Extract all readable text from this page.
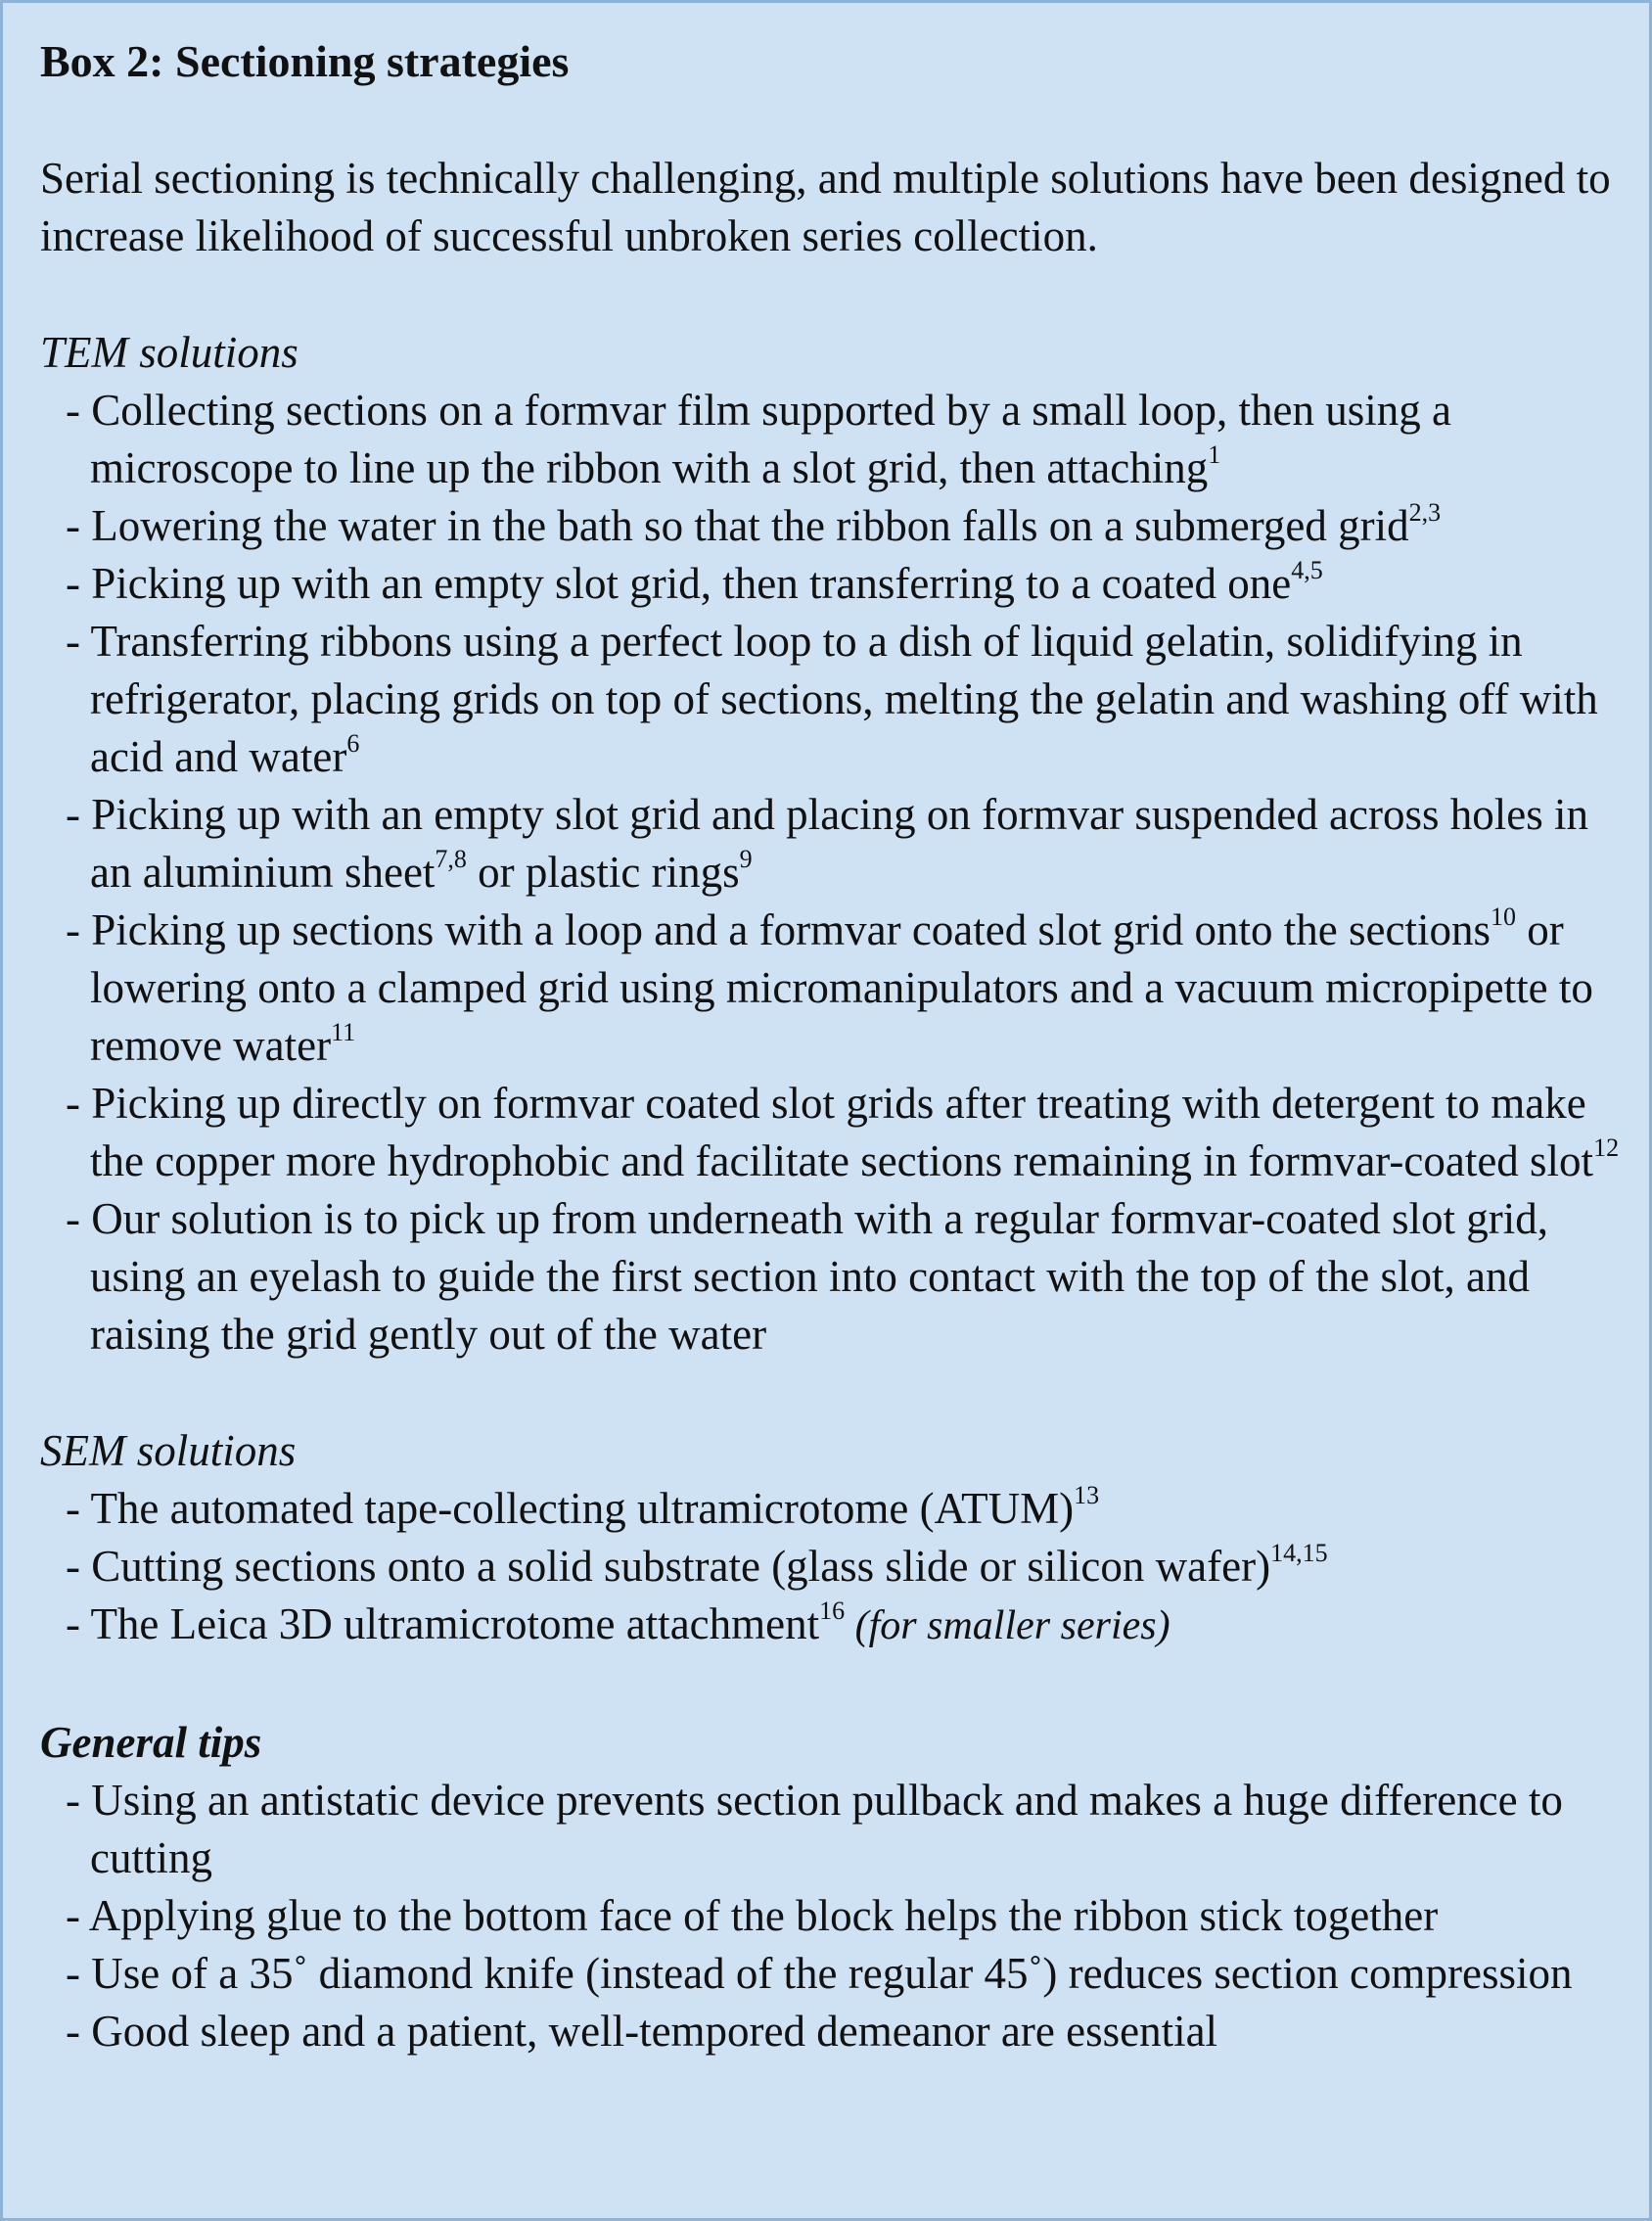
Box 2: Sectioning strategies
Serial sectioning is technically challenging, and multiple solutions have been designed to increase likelihood of successful unbroken series collection.
TEM solutions
- Collecting sections on a formvar film supported by a small loop, then using a microscope to line up the ribbon with a slot grid, then attaching$^1$
- Lowering the water in the bath so that the ribbon falls on a submerged grid$^{2,3}$
- Picking up with an empty slot grid, then transferring to a coated one$^{4,5}$
- Transferring ribbons using a perfect loop to a dish of liquid gelatin, solidifying in refrigerator, placing grids on top of sections, melting the gelatin and washing off with acid and water$^6$
- Picking up with an empty slot grid and placing on formvar suspended across holes in an aluminium sheet$^{7,8}$ or plastic rings$^9$
- Picking up sections with a loop and a formvar coated slot grid onto the sections$^{10}$ or lowering onto a clamped grid using micromanipulators and a vacuum micropipette to remove water$^{11}$
- Picking up directly on formvar coated slot grids after treating with detergent to make the copper more hydrophobic and facilitate sections remaining in formvar-coated slot$^{12}$
- Our solution is to pick up from underneath with a regular formvar-coated slot grid, using an eyelash to guide the first section into contact with the top of the slot, and raising the grid gently out of the water
SEM solutions
- The automated tape-collecting ultramicrotome (ATUM)$^{13}$
- Cutting sections onto a solid substrate (glass slide or silicon wafer)$^{14,15}$
- The Leica 3D ultramicrotome attachment$^{16}$ (for smaller series)
General tips
- Using an antistatic device prevents section pullback and makes a huge difference to cutting
- Applying glue to the bottom face of the block helps the ribbon stick together
- Use of a 35˚ diamond knife (instead of the regular 45˚) reduces section compression
- Good sleep and a patient, well-tempored demeanor are essential
